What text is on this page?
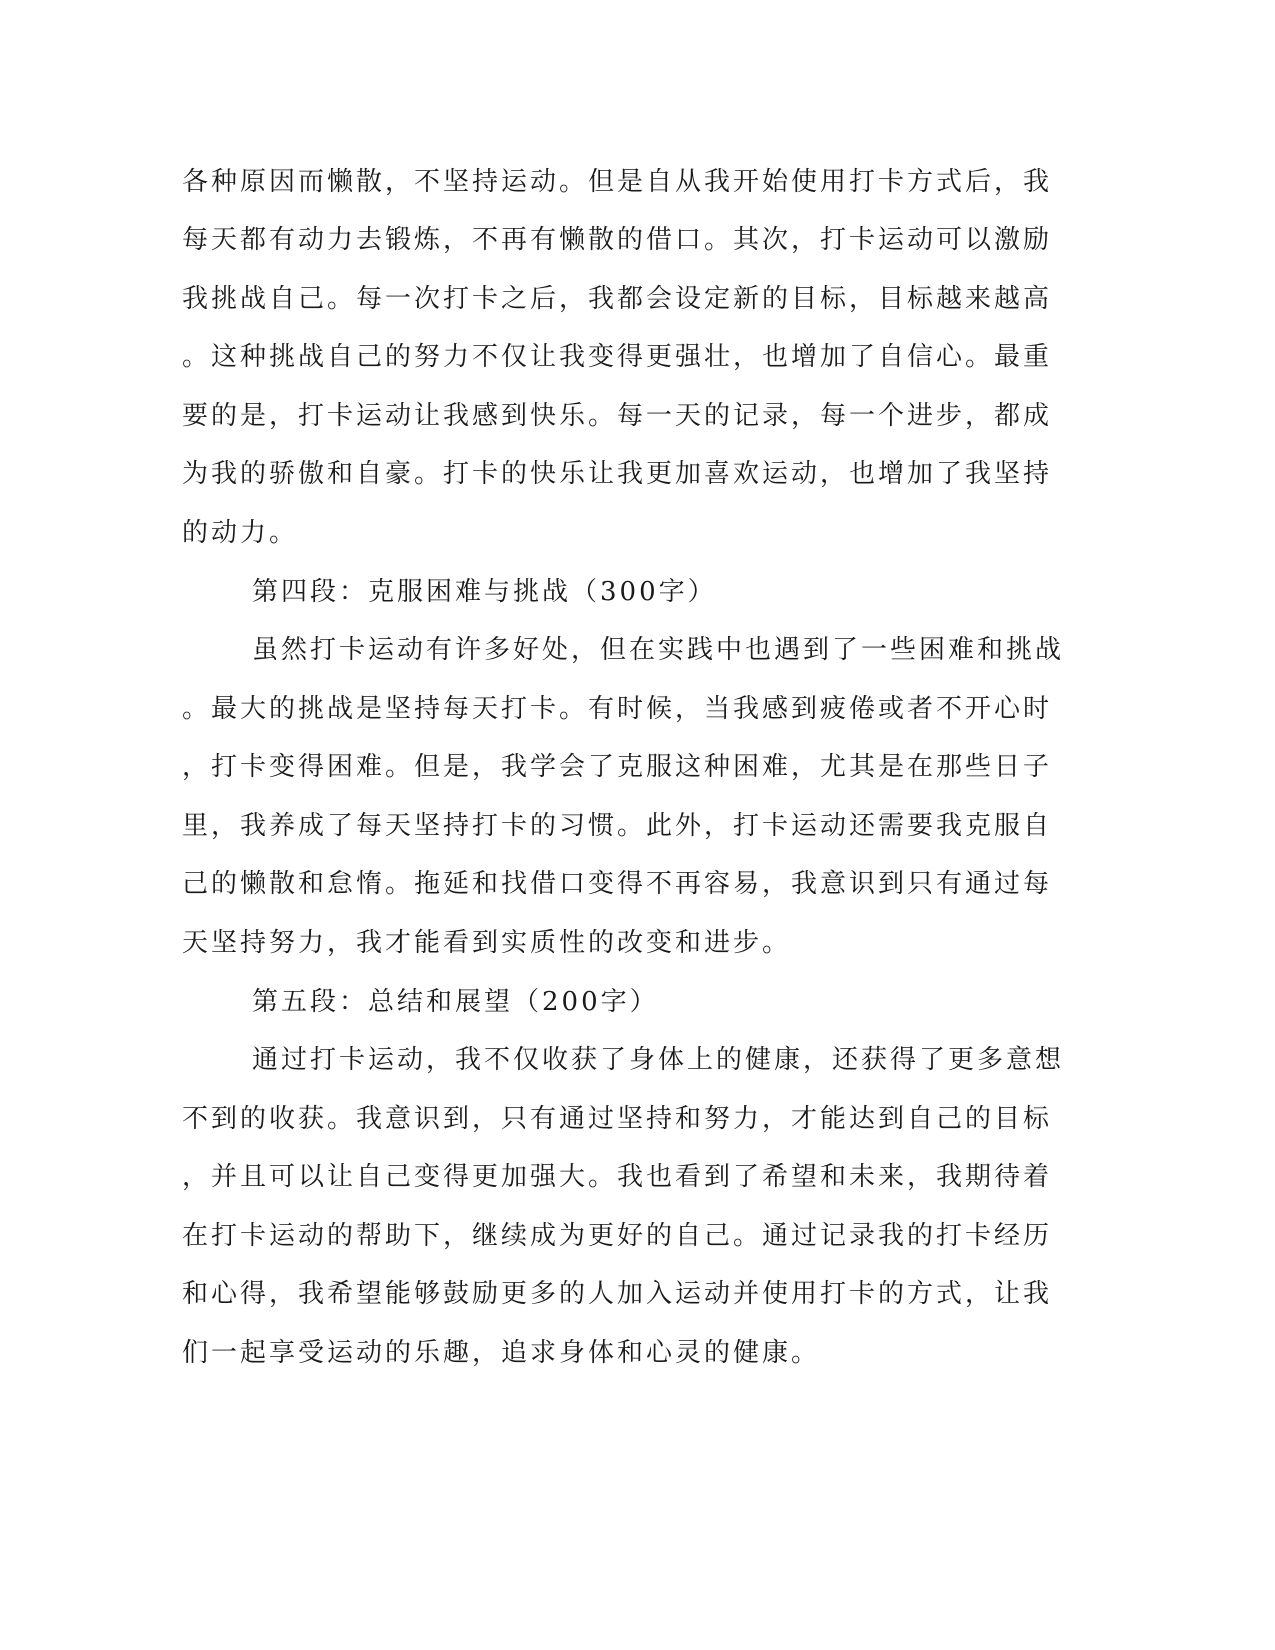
各种原因而懒散，不坚持运动。但是自从我开始使用打卡方式后，我
每天都有动力去锻炼，不再有懒散的借口。其次，打卡运动可以激励
我挑战自己。每一次打卡之后，我都会设定新的目标，目标越来越高
。这种挑战自己的努力不仅让我变得更强壮，也增加了自信心。最重
要的是，打卡运动让我感到快乐。每一天的记录，每一个进步，都成
为我的骄傲和自豪。打卡的快乐让我更加喜欢运动，也增加了我坚持
的动力。
第四段：克服困难与挑战（300字）
虽然打卡运动有许多好处，但在实践中也遇到了一些困难和挑战
。最大的挑战是坚持每天打卡。有时候，当我感到疲倦或者不开心时
，打卡变得困难。但是，我学会了克服这种困难，尤其是在那些日子
里，我养成了每天坚持打卡的习惯。此外，打卡运动还需要我克服自
己的懒散和怠惰。拖延和找借口变得不再容易，我意识到只有通过每
天坚持努力，我才能看到实质性的改变和进步。
第五段：总结和展望（200字）
通过打卡运动，我不仅收获了身体上的健康，还获得了更多意想
不到的收获。我意识到，只有通过坚持和努力，才能达到自己的目标
，并且可以让自己变得更加强大。我也看到了希望和未来，我期待着
在打卡运动的帮助下，继续成为更好的自己。通过记录我的打卡经历
和心得，我希望能够鼓励更多的人加入运动并使用打卡的方式，让我
们一起享受运动的乐趣，追求身体和心灵的健康。
